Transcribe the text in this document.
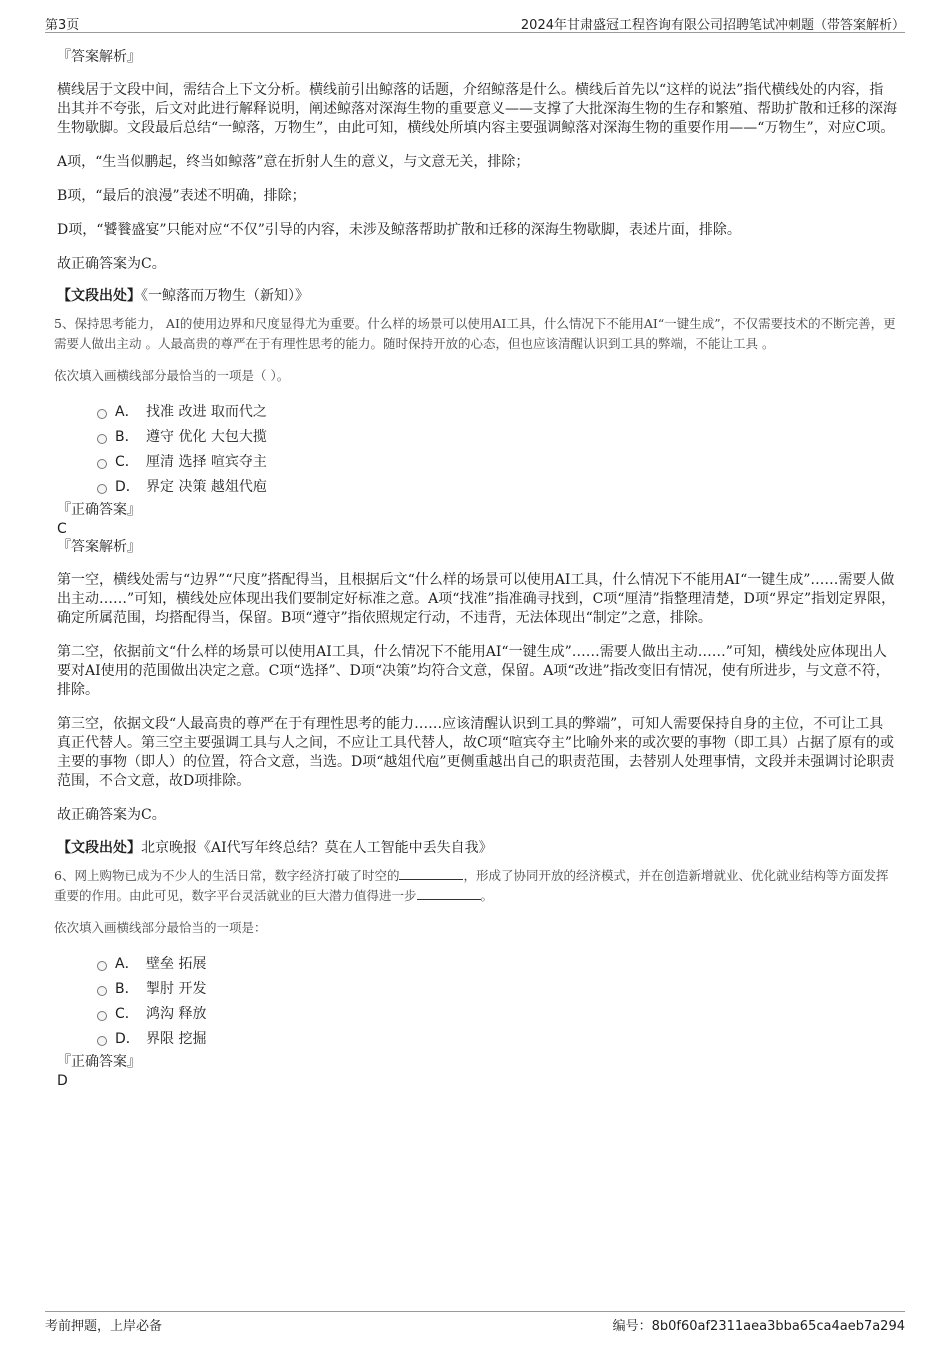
第3页	2024年甘肃盛冠工程咨询有限公司招聘笔试冲刺题（带答案解析）
『答案解析』

横线居于文段中间，需结合上下文分析。横线前引出鲸落的话题，介绍鲸落是什么。横线后首先以“这样的说法”指代横线处的内容，指出其并不夸张，后文对此进行解释说明，阐述鲸落对深海生物的重要意义——支撑了大批深海生物的生存和繁殖、帮助扩散和迁移的深海生物歇脚。文段最后总结“一鲸落，万物生”，由此可知，横线处所填内容主要强调鲸落对深海生物的重要作用——“万物生”，对应C项。

A项，“生当似鹏起，终当如鲸落”意在折射人生的意义，与文意无关，排除；

B项，“最后的浪漫”表述不明确，排除；

D项，“饕餮盛宴”只能对应“不仅”引导的内容，未涉及鲸落帮助扩散和迁移的深海生物歇脚，表述片面，排除。

故正确答案为C。

【文段出处】《一鲸落而万物生（新知）》

5、保持思考能力， AI的使用边界和尺度显得尤为重要。什么样的场景可以使用AI工具，什么情况下不能用AI“一键生成”，不仅需要技术的不断完善，更需要人做出主动 。人最高贵的尊严在于有理性思考的能力。随时保持开放的心态，但也应该清醒认识到工具的弊端，不能让工具 。

依次填入画横线部分最恰当的一项是（ ）。

A． 找准 改进 取而代之
B． 遵守 优化 大包大揽
C． 厘清 选择 喧宾夺主
D． 界定 决策 越俎代庖
『正确答案』
C
『答案解析』

第一空，横线处需与“边界”“尺度”搭配得当，且根据后文“什么样的场景可以使用AI工具，什么情况下不能用AI“一键生成”……需要人做出主动……”可知，横线处应体现出我们要制定好标准之意。A项“找准”指准确寻找到，C项“厘清”指整理清楚，D项“界定”指划定界限，确定所属范围，均搭配得当，保留。B项“遵守”指依照规定行动，不违背，无法体现出“制定”之意，排除。

第二空，依据前文“什么样的场景可以使用AI工具，什么情况下不能用AI“一键生成”……需要人做出主动……”可知，横线处应体现出人要对AI使用的范围做出决定之意。C项“选择”、D项“决策”均符合文意，保留。A项“改进”指改变旧有情况，使有所进步，与文意不符，排除。

第三空，依据文段“人最高贵的尊严在于有理性思考的能力……应该清醒认识到工具的弊端”，可知人需要保持自身的主位，不可让工具真正代替人。第三空主要强调工具与人之间，不应让工具代替人，故C项“喧宾夺主”比喻外来的或次要的事物（即工具）占据了原有的或主要的事物（即人）的位置，符合文意，当选。D项“越俎代庖”更侧重越出自己的职责范围，去替别人处理事情，文段并未强调讨论职责范围，不合文意，故D项排除。

故正确答案为C。

【文段出处】北京晚报《AI代写年终总结？莫在人工智能中丢失自我》

6、网上购物已成为不少人的生活日常，数字经济打破了时空的	，形成了协同开放的经济模式，并在创造新增就业、优化就业结构等方面发挥重要的作用。由此可见，数字平台灵活就业的巨大潜力值得进一步	。

依次填入画横线部分最恰当的一项是：

A． 壁垒 拓展
B． 掣肘 开发
C． 鸿沟 释放
D． 界限 挖掘
『正确答案』
D
考前押题，上岸必备	编号：8b0f60af2311aea3bba65ca4aeb7a294
